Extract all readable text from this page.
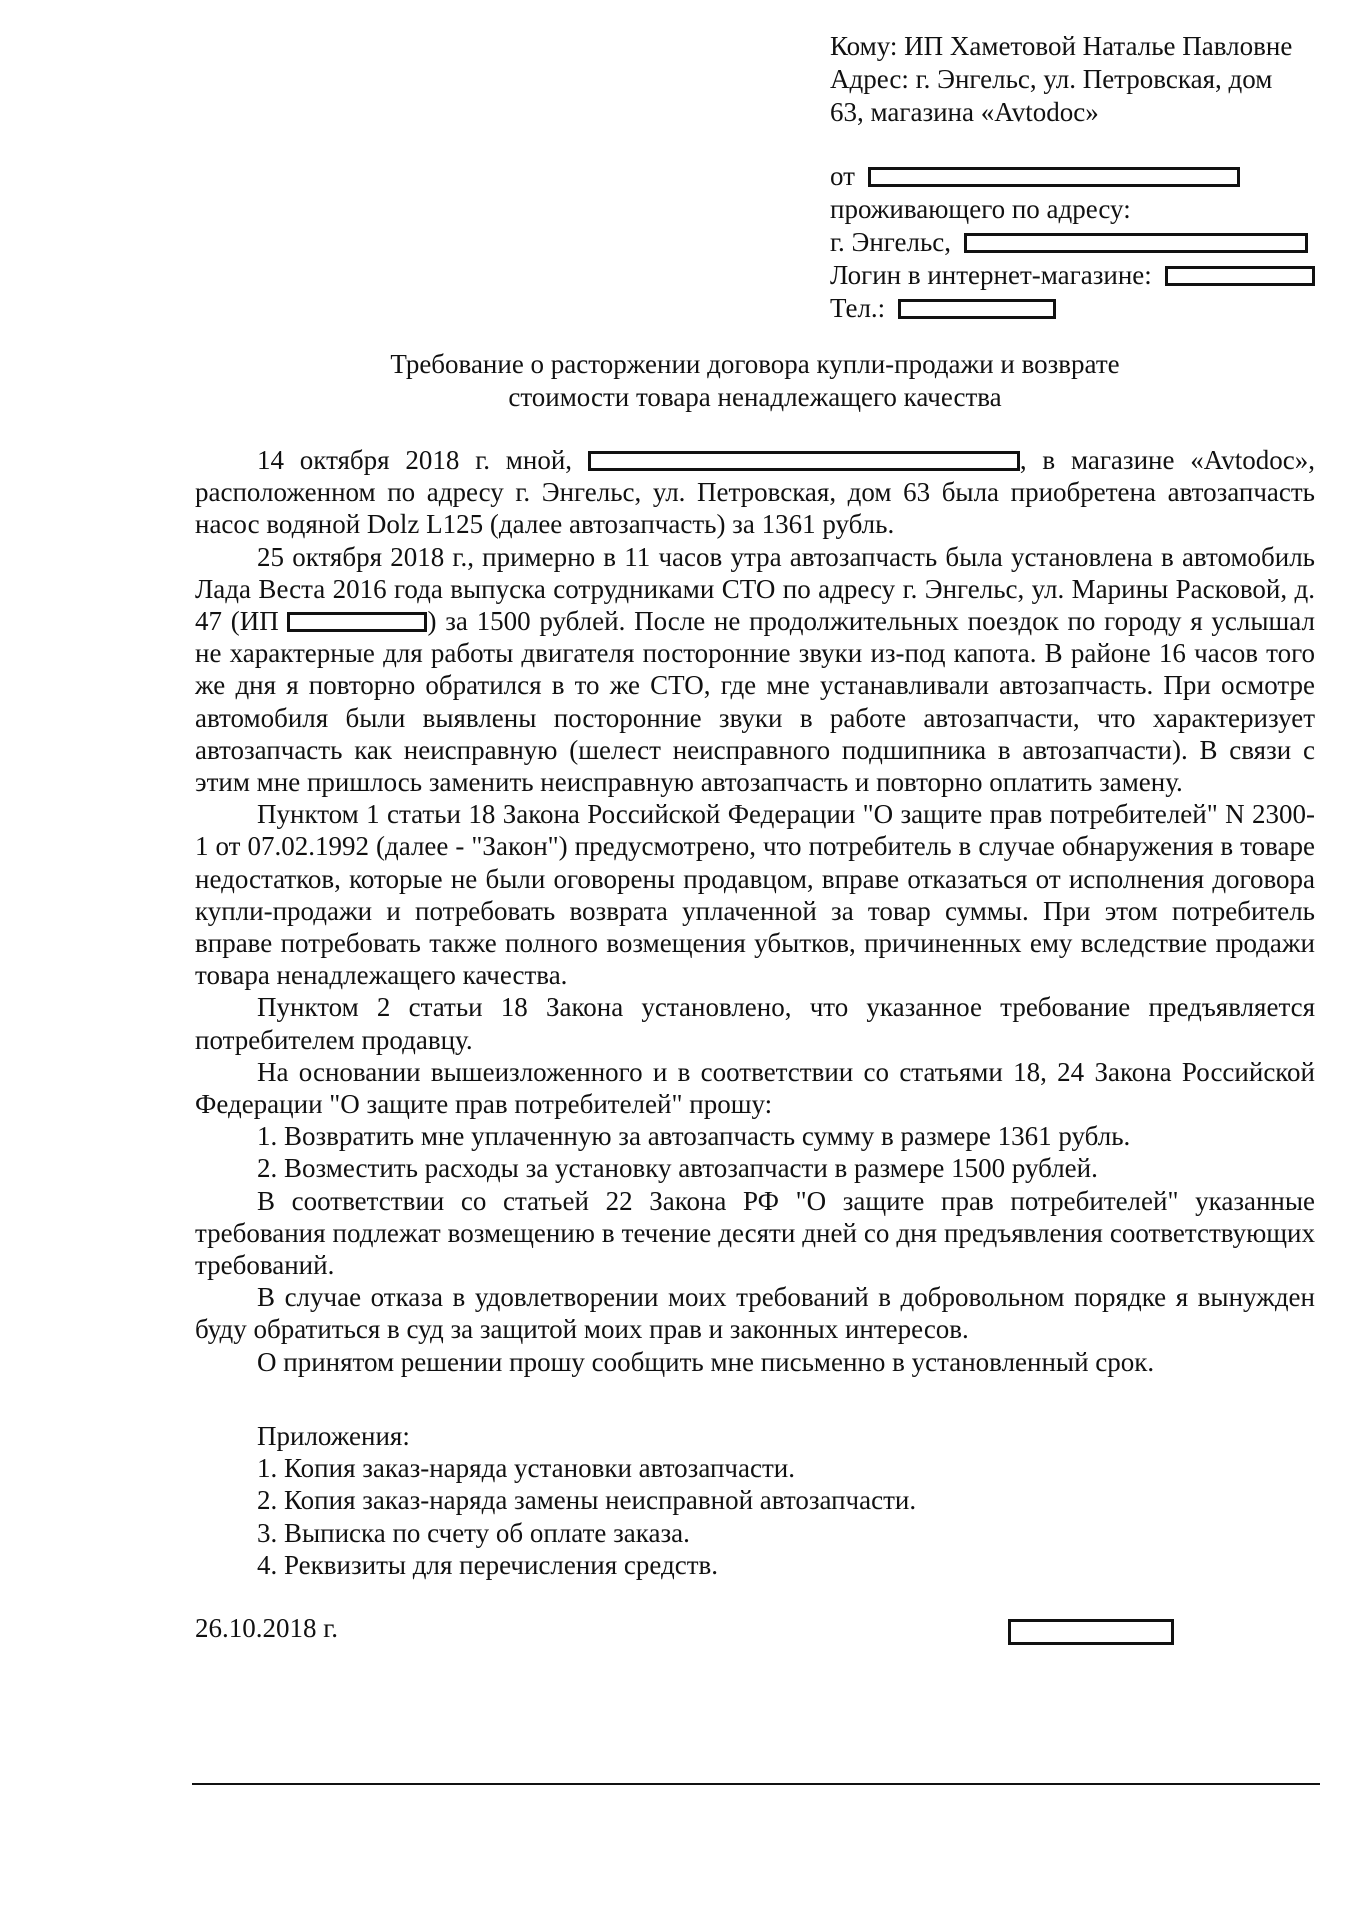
Кому: ИП Хаметовой Наталье Павловне
Адрес: г. Энгельс, ул. Петровская, дом
63, магазина «Avtodoc»
от
проживающего по адресу:
г. Энгельс,
Логин в интернет-магазине:
Тел.:
Требование о расторжении договора купли-продажи и возврате
стоимости товара ненадлежащего качества

14 октября 2018 г. мной,	, в магазине «Avtodoc», расположенном по адресу г. Энгельс, ул. Петровская, дом 63 была приобретена автозапчасть насос водяной Dolz L125 (далее автозапчасть) за 1361 рубль.

25 октября 2018 г., примерно в 11 часов утра автозапчасть была установлена в автомобиль Лада Веста 2016 года выпуска сотрудниками СТО по адресу г. Энгельс, ул. Марины Расковой, д. 47 (ИП	) за 1500 рублей. После не продолжительных поездок по городу я услышал не характерные для работы двигателя посторонние звуки из-под капота. В районе 16 часов того же дня я повторно обратился в то же СТО, где мне устанавливали автозапчасть. При осмотре автомобиля были выявлены посторонние звуки в работе автозапчасти, что характеризует автозапчасть как неисправную (шелест неисправного подшипника в автозапчасти). В связи с этим мне пришлось заменить неисправную автозапчасть и повторно оплатить замену.

Пунктом 1 статьи 18 Закона Российской Федерации "О защите прав потребителей" N 2300-1 от 07.02.1992 (далее - "Закон") предусмотрено, что потребитель в случае обнаружения в товаре недостатков, которые не были оговорены продавцом, вправе отказаться от исполнения договора купли-продажи и потребовать возврата уплаченной за товар суммы. При этом потребитель вправе потребовать также полного возмещения убытков, причиненных ему вследствие продажи товара ненадлежащего качества.

Пунктом 2 статьи 18 Закона установлено, что указанное требование предъявляется потребителем продавцу.

На основании вышеизложенного и в соответствии со статьями 18, 24 Закона Российской Федерации "О защите прав потребителей" прошу:

1. Возвратить мне уплаченную за автозапчасть сумму в размере 1361 рубль.

2. Возместить расходы за установку автозапчасти в размере 1500 рублей.

В соответствии со статьей 22 Закона РФ "О защите прав потребителей" указанные требования подлежат возмещению в течение десяти дней со дня предъявления соответствующих требований.

В случае отказа в удовлетворении моих требований в добровольном порядке я вынужден буду обратиться в суд за защитой моих прав и законных интересов.

О принятом решении прошу сообщить мне письменно в установленный срок.

Приложения:
1. Копия заказ-наряда установки автозапчасти.
2. Копия заказ-наряда замены неисправной автозапчасти.
3. Выписка по счету об оплате заказа.
4. Реквизиты для перечисления средств.
26.10.2018 г.
